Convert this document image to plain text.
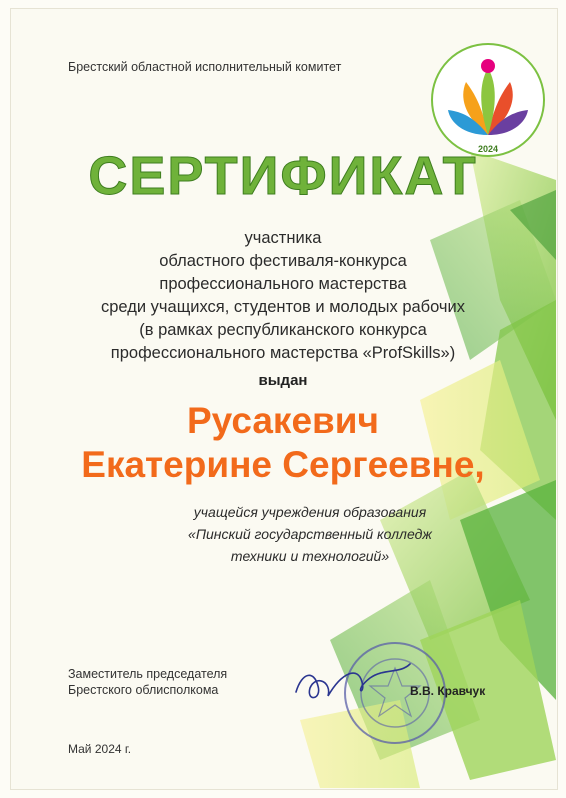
2024
Брестский областной исполнительный комитет
СЕРТИФИКАТ
участника
областного фестиваля-конкурса
профессионального мастерства
среди учащихся, студентов и молодых рабочих
(в рамках республиканского конкурса
профессионального мастерства «ProfSkills»)
выдан
Русакевич
Екатерине Сергеевне,
учащейся учреждения образования
«Пинский государственный колледж
техники и технологий»
Заместитель председателя
Брестского облисполкома	В.В. Кравчук
Май 2024 г.
